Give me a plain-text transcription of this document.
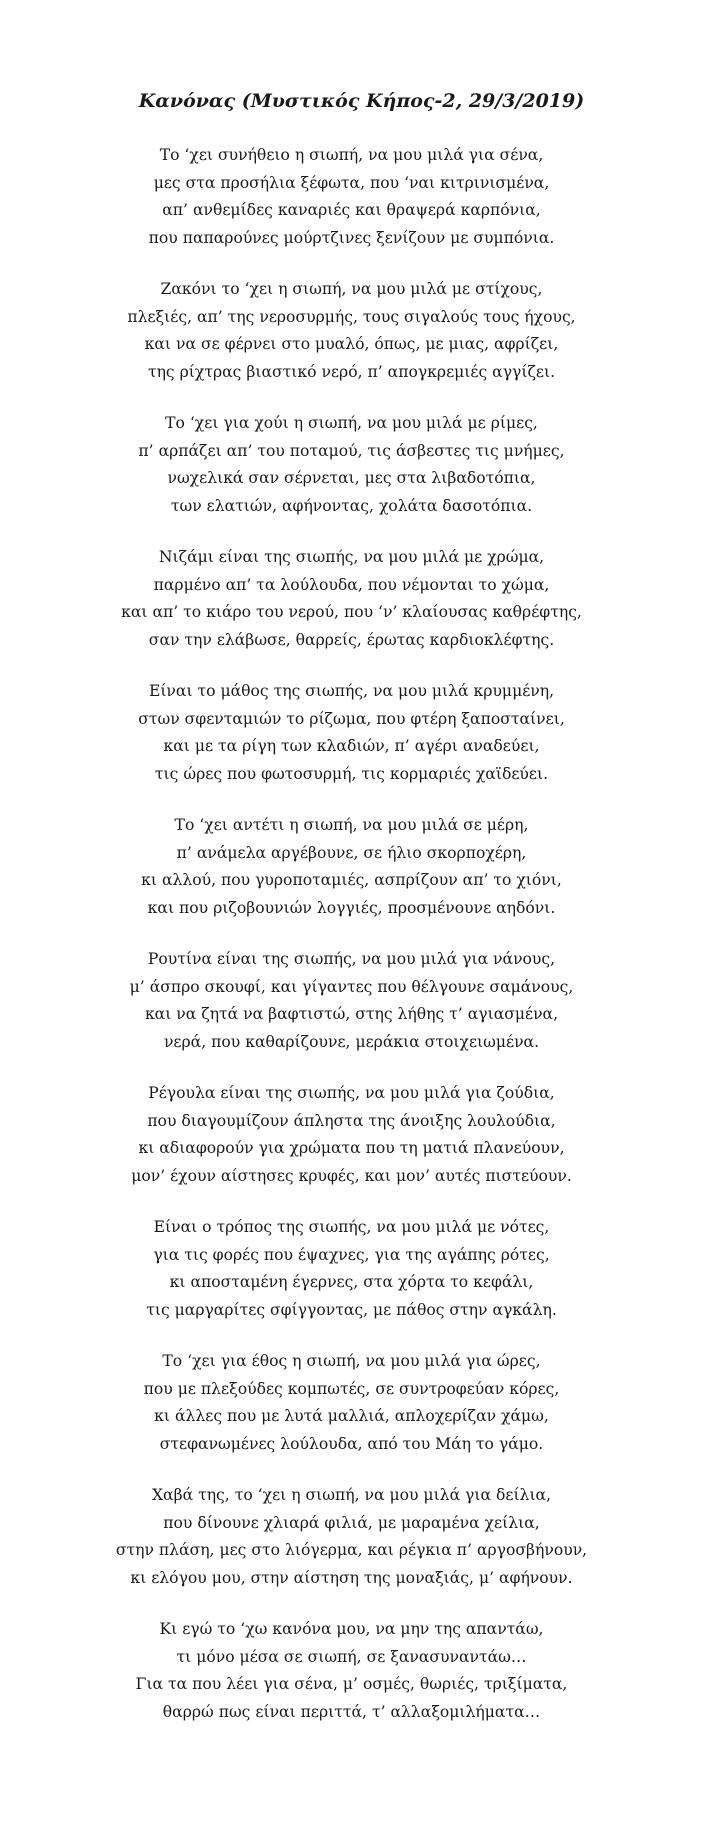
Κανόνας (Μυστικός Κήπος-2, 29/3/2019)
Το ‘χει συνήθειο η σιωπή, να μου μιλά για σένα,
μες στα προσήλια ξέφωτα, που ‘ναι κιτρινισμένα,
απ’ ανθεμίδες καναριές και θραψερά καρπόνια,
που παπαρούνες μούρτζινες ξενίζουν με συμπόνια.
Ζακόνι το ‘χει η σιωπή, να μου μιλά με στίχους,
πλεξιές, απ’ της νεροσυρμής, τους σιγαλούς τους ήχους,
και να σε φέρνει στο μυαλό, όπως, με μιας, αφρίζει,
της ρίχτρας βιαστικό νερό, π’ απογκρεμιές αγγίζει.
Το ‘χει για χούι η σιωπή, να μου μιλά με ρίμες,
π’ αρπάζει απ’ του ποταμού, τις άσβεστες τις μνήμες,
νωχελικά σαν σέρνεται, μες στα λιβαδοτόπια,
των ελατιών, αφήνοντας, χολάτα δασοτόπια.
Νιζάμι είναι της σιωπής, να μου μιλά με χρώμα,
παρμένο απ’ τα λούλουδα, που νέμονται το χώμα,
και απ’ το κιάρο του νερού, που ‘ν’ κλαίουσας καθρέφτης,
σαν την ελάβωσε, θαρρείς, έρωτας καρδιοκλέφτης.
Είναι το μάθος της σιωπής, να μου μιλά κρυμμένη,
στων σφενταμιών το ρίζωμα, που φτέρη ξαποσταίνει,
και με τα ρίγη των κλαδιών, π’ αγέρι αναδεύει,
τις ώρες που φωτοσυρμή, τις κορμαριές χαϊδεύει.
Το ‘χει αντέτι η σιωπή, να μου μιλά σε μέρη,
π’ ανάμελα αργέβουνε, σε ήλιο σκορποχέρη,
κι αλλού, που γυροποταμιές, ασπρίζουν απ’ το χιόνι,
και που ριζοβουνιών λογγιές, προσμένουνε αηδόνι.
Ρουτίνα είναι της σιωπής, να μου μιλά για νάνους,
μ’ άσπρο σκουφί, και γίγαντες που θέλγουνε σαμάνους,
και να ζητά να βαφτιστώ, στης λήθης τ’ αγιασμένα,
νερά, που καθαρίζουνε, μεράκια στοιχειωμένα.
Ρέγουλα είναι της σιωπής, να μου μιλά για ζούδια,
που διαγουμίζουν άπληστα της άνοιξης λουλούδια,
κι αδιαφορούν για χρώματα που τη ματιά πλανεύουν,
μον’ έχουν αίστησες κρυφές, και μον’ αυτές πιστεύουν.
Είναι ο τρόπος της σιωπής, να μου μιλά με νότες,
για τις φορές που έψαχνες, για της αγάπης ρότες,
κι αποσταμένη έγερνες, στα χόρτα το κεφάλι,
τις μαργαρίτες σφίγγοντας, με πάθος στην αγκάλη.
Το ‘χει για έθος η σιωπή, να μου μιλά για ώρες,
που με πλεξούδες κομπωτές, σε συντροφεύαν κόρες,
κι άλλες που με λυτά μαλλιά, απλοχερίζαν χάμω,
στεφανωμένες λούλουδα, από του Μάη το γάμο.
Χαβά της, το ‘χει η σιωπή, να μου μιλά για δείλια,
που δίνουνε χλιαρά φιλιά, με μαραμένα χείλια,
στην πλάση, μες στο λιόγερμα, και ρέγκια π’ αργοσβήνουν,
κι ελόγου μου, στην αίστηση της μοναξιάς, μ’ αφήνουν.
Κι εγώ το ‘χω κανόνα μου, να μην της απαντάω,
τι μόνο μέσα σε σιωπή, σε ξανασυναντάω…
Για τα που λέει για σένα, μ’ οσμές, θωριές, τριξίματα,
θαρρώ πως είναι περιττά, τ’ αλλαξομιλήματα…
